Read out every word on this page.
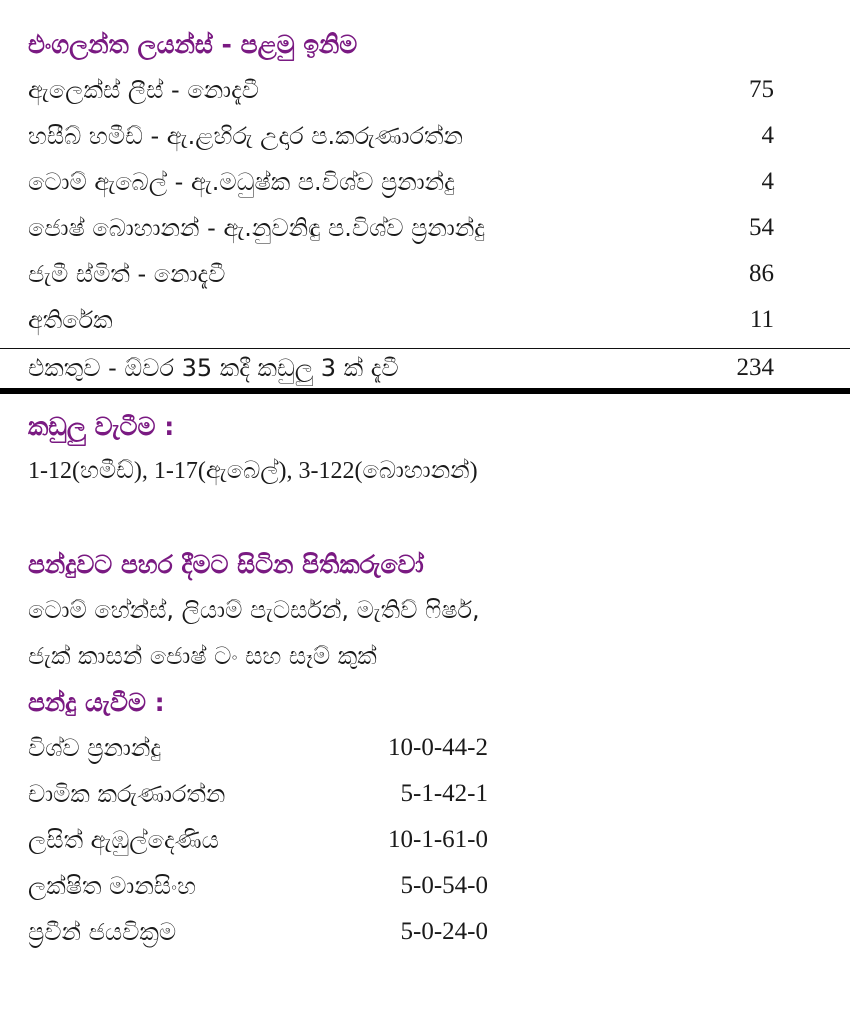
එංගලන්ත ලයන්ස් - පළමු ඉනිම
ඇලෙක්ස් ලීස් - නොදැවී	75
හසීබ් හමීඩ් - ඇ.ළහිරු උදාර ප.කරුණාරත්න	4
ටොම් ඇබෙල් - ඇ.මධුෂ්ක ප.විශ්ව ප්‍රනාන්දු	4
ජොෂ් බොහානන් - ඇ.නුවනිඳු ප.විශ්ව ප්‍රනාන්දු	54
ජැමී ස්මිත් - නොදැවී	86
අතිරේක	11
එකතුව - ඕවර 35 කදී කඩුලු 3 ක් දැවී	234
කඩුලු වැටීම :
1-12(හමීඩ්), 1-17(ඇබෙල්), 3-122(බොහානන්)
පන්දුවට පහර දීමට සිටින පිතිකරුවෝ
ටොම් හේන්ස්, ලියාම් පැටර්සන්, මැතිව් ෆිෂර්,
ජැක් කාසන් ජොෂ් ටං සහ සෑම් කුක්
පන්දු යැවීම :
විශ්ව ප්‍රනාන්දු	10-0-44-2
චාමික කරුණාරත්න	5-1-42-1
ලසිත් ඇඹුල්දෙණිය	10-1-61-0
ලක්ෂිත මානසිංහ	5-0-54-0
ප්‍රවීන් ජයවික්‍රම	5-0-24-0
